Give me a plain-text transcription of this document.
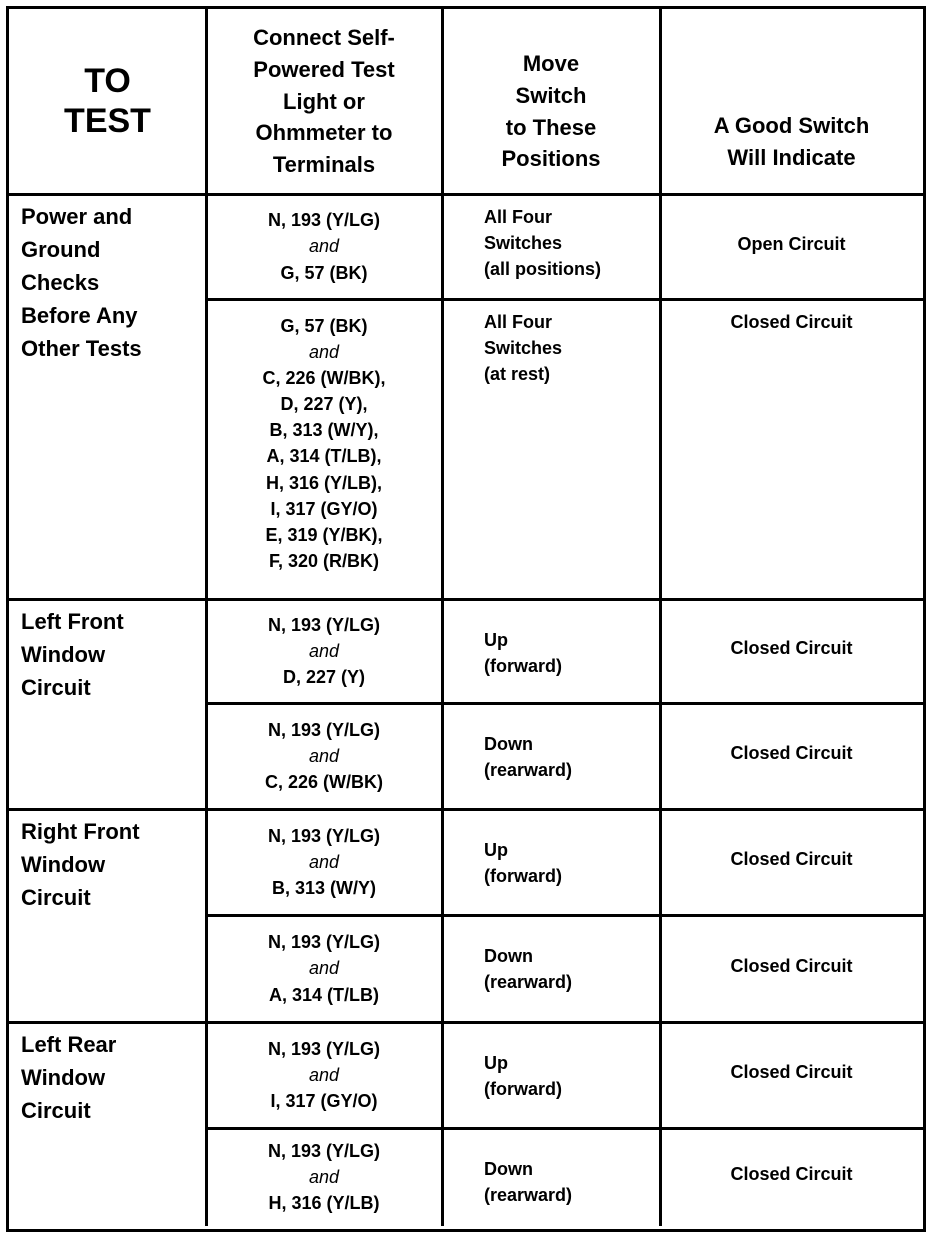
TO
TEST
Connect Self-
Powered Test
Light or
Ohmmeter to
Terminals
Move
Switch
to These
Positions
A Good Switch
Will Indicate
Power and
Ground
Checks
Before Any
Other Tests
N, 193 (Y/LG)
and
G, 57 (BK)
All Four
Switches
(all positions)
Open Circuit
G, 57 (BK)
and
C, 226 (W/BK),
D, 227 (Y),
B, 313 (W/Y),
A, 314 (T/LB),
H, 316 (Y/LB),
I, 317 (GY/O)
E, 319 (Y/BK),
F, 320 (R/BK)
All Four
Switches
(at rest)
Closed Circuit
Left Front
Window
Circuit
N, 193 (Y/LG)
and
D, 227 (Y)
Up
(forward)
Closed Circuit
N, 193 (Y/LG)
and
C, 226 (W/BK)
Down
(rearward)
Closed Circuit
Right Front
Window
Circuit
N, 193 (Y/LG)
and
B, 313 (W/Y)
Up
(forward)
Closed Circuit
N, 193 (Y/LG)
and
A, 314 (T/LB)
Down
(rearward)
Closed Circuit
Left Rear
Window
Circuit
N, 193 (Y/LG)
and
I, 317 (GY/O)
Up
(forward)
Closed Circuit
N, 193 (Y/LG)
and
H, 316 (Y/LB)
Down
(rearward)
Closed Circuit
